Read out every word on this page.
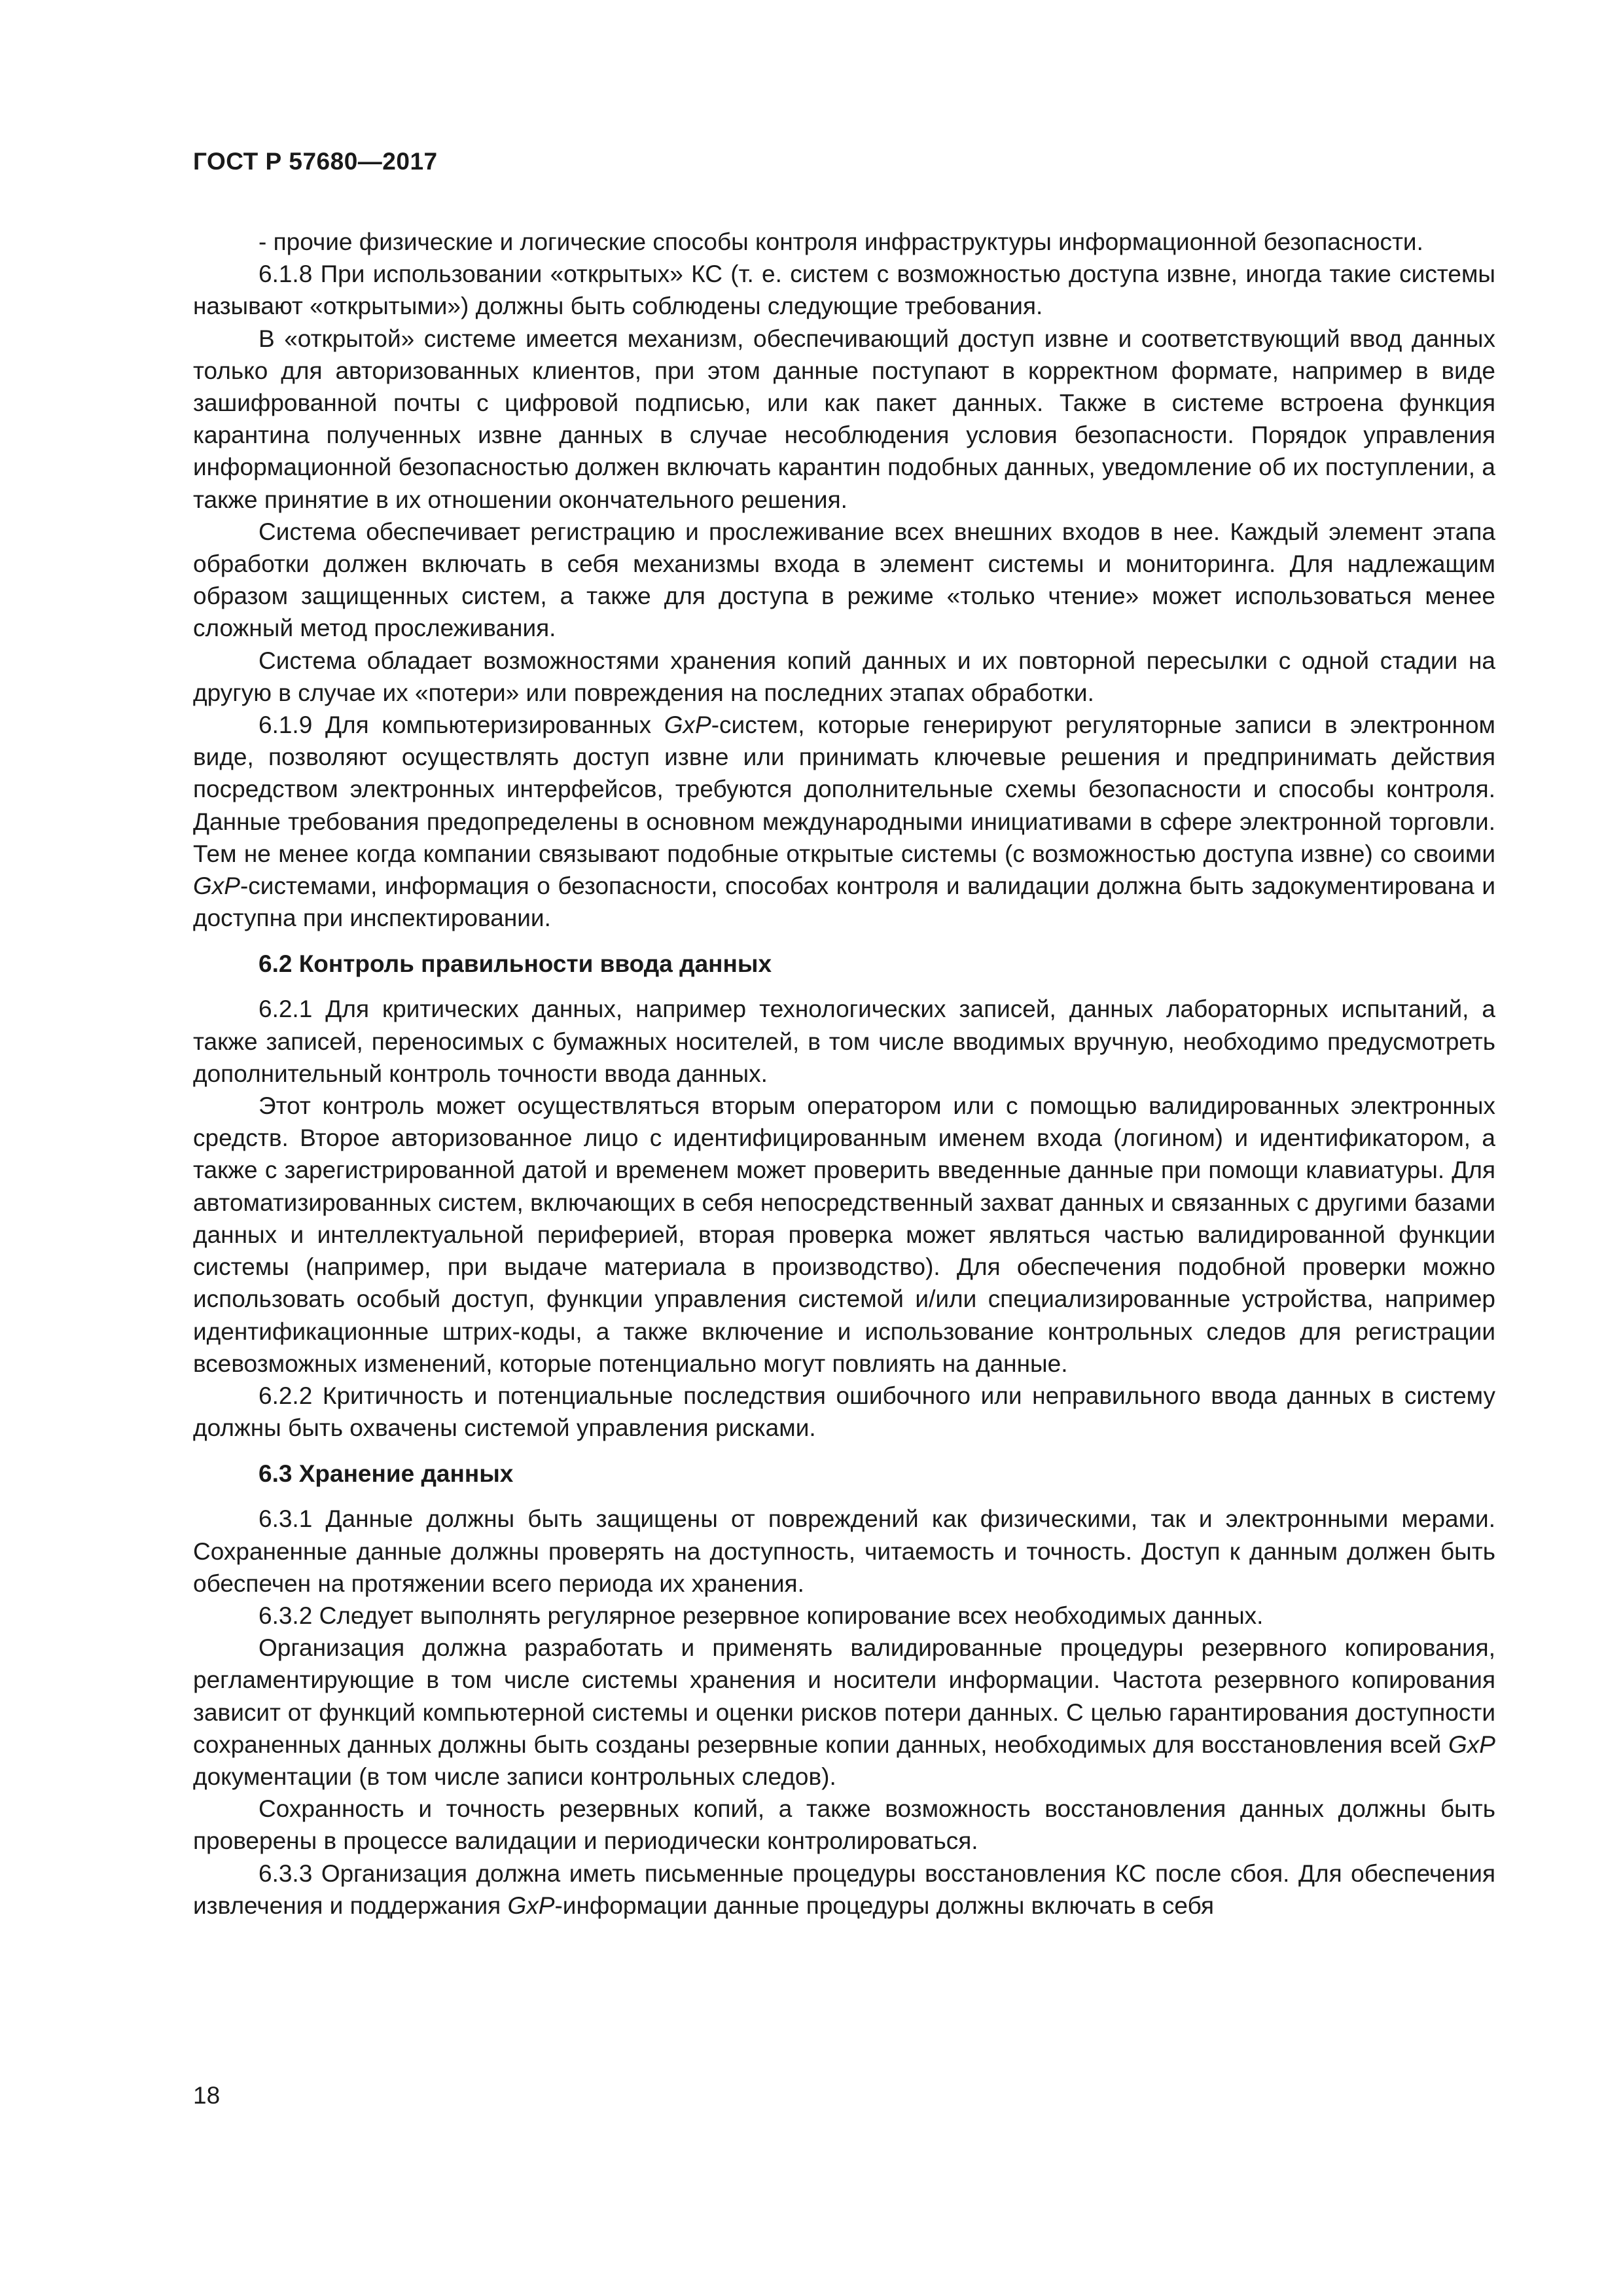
ГОСТ Р 57680—2017

- прочие физические и логические способы контроля инфраструктуры информационной безопасности.

6.1.8 При использовании «открытых» КС (т. е. систем с возможностью доступа извне, иногда такие системы называют «открытыми») должны быть соблюдены следующие требования.

В «открытой» системе имеется механизм, обеспечивающий доступ извне и соответствующий ввод данных только для авторизованных клиентов, при этом данные поступают в корректном формате, например в виде зашифрованной почты с цифровой подписью, или как пакет данных. Также в системе встроена функция карантина полученных извне данных в случае несоблюдения условия безопасности. Порядок управления информационной безопасностью должен включать карантин подобных данных, уведомление об их поступлении, а также принятие в их отношении окончательного решения.

Система обеспечивает регистрацию и прослеживание всех внешних входов в нее. Каждый элемент этапа обработки должен включать в себя механизмы входа в элемент системы и мониторинга. Для надлежащим образом защищенных систем, а также для доступа в режиме «только чтение» может использоваться менее сложный метод прослеживания.

Система обладает возможностями хранения копий данных и их повторной пересылки с одной стадии на другую в случае их «потери» или повреждения на последних этапах обработки.

6.1.9 Для компьютеризированных GxP-систем, которые генерируют регуляторные записи в электронном виде, позволяют осуществлять доступ извне или принимать ключевые решения и предпринимать действия посредством электронных интерфейсов, требуются дополнительные схемы безопасности и способы контроля. Данные требования предопределены в основном международными инициативами в сфере электронной торговли. Тем не менее когда компании связывают подобные открытые системы (с возможностью доступа извне) со своими GxP-системами, информация о безопасности, способах контроля и валидации должна быть задокументирована и доступна при инспектировании.

6.2 Контроль правильности ввода данных

6.2.1 Для критических данных, например технологических записей, данных лабораторных испытаний, а также записей, переносимых с бумажных носителей, в том числе вводимых вручную, необходимо предусмотреть дополнительный контроль точности ввода данных.

Этот контроль может осуществляться вторым оператором или с помощью валидированных электронных средств. Второе авторизованное лицо с идентифицированным именем входа (логином) и идентификатором, а также с зарегистрированной датой и временем может проверить введенные данные при помощи клавиатуры. Для автоматизированных систем, включающих в себя непосредственный захват данных и связанных с другими базами данных и интеллектуальной периферией, вторая проверка может являться частью валидированной функции системы (например, при выдаче материала в производство). Для обеспечения подобной проверки можно использовать особый доступ, функции управления системой и/или специализированные устройства, например идентификационные штрих-коды, а также включение и использование контрольных следов для регистрации всевозможных изменений, которые потенциально могут повлиять на данные.

6.2.2 Критичность и потенциальные последствия ошибочного или неправильного ввода данных в систему должны быть охвачены системой управления рисками.

6.3 Хранение данных

6.3.1 Данные должны быть защищены от повреждений как физическими, так и электронными мерами. Сохраненные данные должны проверять на доступность, читаемость и точность. Доступ к данным должен быть обеспечен на протяжении всего периода их хранения.

6.3.2 Следует выполнять регулярное резервное копирование всех необходимых данных.

Организация должна разработать и применять валидированные процедуры резервного копирования, регламентирующие в том числе системы хранения и носители информации. Частота резервного копирования зависит от функций компьютерной системы и оценки рисков потери данных. С целью гарантирования доступности сохраненных данных должны быть созданы резервные копии данных, необходимых для восстановления всей GxP документации (в том числе записи контрольных следов).

Сохранность и точность резервных копий, а также возможность восстановления данных должны быть проверены в процессе валидации и периодически контролироваться.

6.3.3 Организация должна иметь письменные процедуры восстановления КС после сбоя. Для обеспечения извлечения и поддержания GxP-информации данные процедуры должны включать в себя

18
